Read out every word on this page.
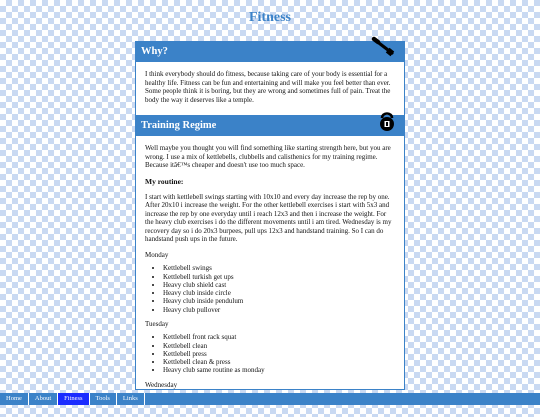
Fitness
Why?

I think everybody should do fitness, because taking care of your body is essential for a healthy life. Fitness can be fun and entertaining and will make you feel better than ever. Some people think it is boring, but they are wrong and sometimes full of pain. Treat the body the way it deserves like a temple.

Training Regime

Well maybe you thought you will find something like starting strength here, but you are wrong. I use a mix of kettlebells, clubbells and calisthenics for my training regime. Because itâ€™s cheaper and doesn't use too much space.

My routine:

I start with kettlebell swings starting with 10x10 and every day increase the rep by one. After 20x10 i increase the weight. For the other kettlebell exercises i start with 5x3 and increase the rep by one everyday until i reach 12x3 and then i increase the weight. For the heavy club exercises i do the different movements until i am tired. Wednesday is my recovery day so i do 20x3 burpees, pull ups 12x3 and handstand training. So I can do handstand push ups in the future.

Monday
• Kettlebell swings
• Kettlebell turkish get ups
• Heavy club shield cast
• Heavy club inside circle
• Heavy club inside pendulum
• Heavy club pullover
Tuesday
• Kettlebell front rack squat
• Kettlebell clean
• Kettlebell press
• Kettlebell clean & press
• Heavy club same routine as monday
Wednesday
•
Home	About	Fitness	Tools	Links
